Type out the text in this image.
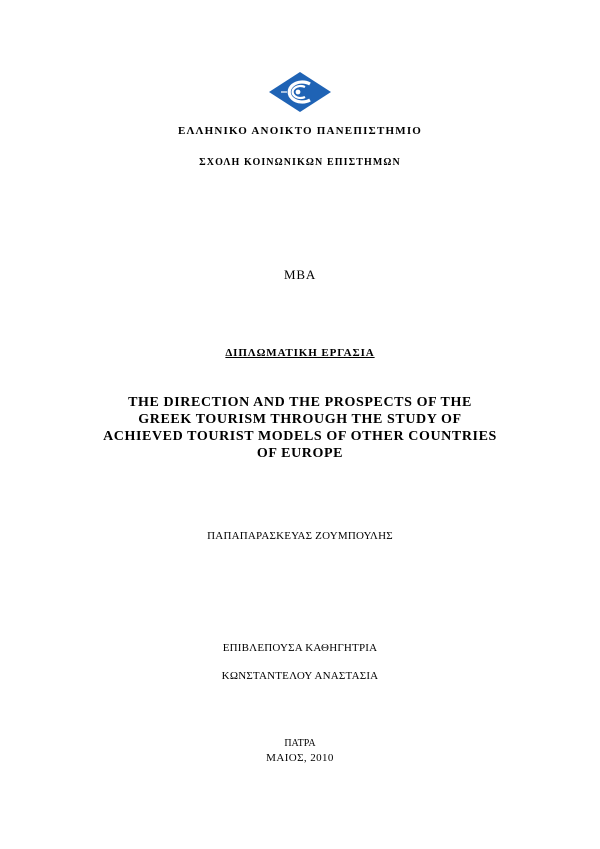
ΕΛΛΗΝΙΚΟ ΑΝΟΙΚΤΟ ΠΑΝΕΠΙΣΤΗΜΙΟ
ΣΧΟΛΗ ΚΟΙΝΩΝΙΚΩΝ ΕΠΙΣΤΗΜΩΝ
MBA
ΔΙΠΛΩΜΑΤΙΚΗ ΕΡΓΑΣΙΑ
THE DIRECTION AND THE PROSPECTS OF THE
GREEK TOURISM THROUGH THE STUDY OF
ACHIEVED TOURIST MODELS OF OTHER COUNTRIES
OF EUROPE
ΠΑΠΑΠΑΡΑΣΚΕΥΑΣ ΖΟΥΜΠΟΥΛΗΣ
ΕΠΙΒΛΕΠΟΥΣΑ ΚΑΘΗΓΗΤΡΙΑ
ΚΩΝΣΤΑΝΤΕΛΟΥ ΑΝΑΣΤΑΣΙΑ
ΠΑΤΡΑ
ΜΑΙΟΣ, 2010
